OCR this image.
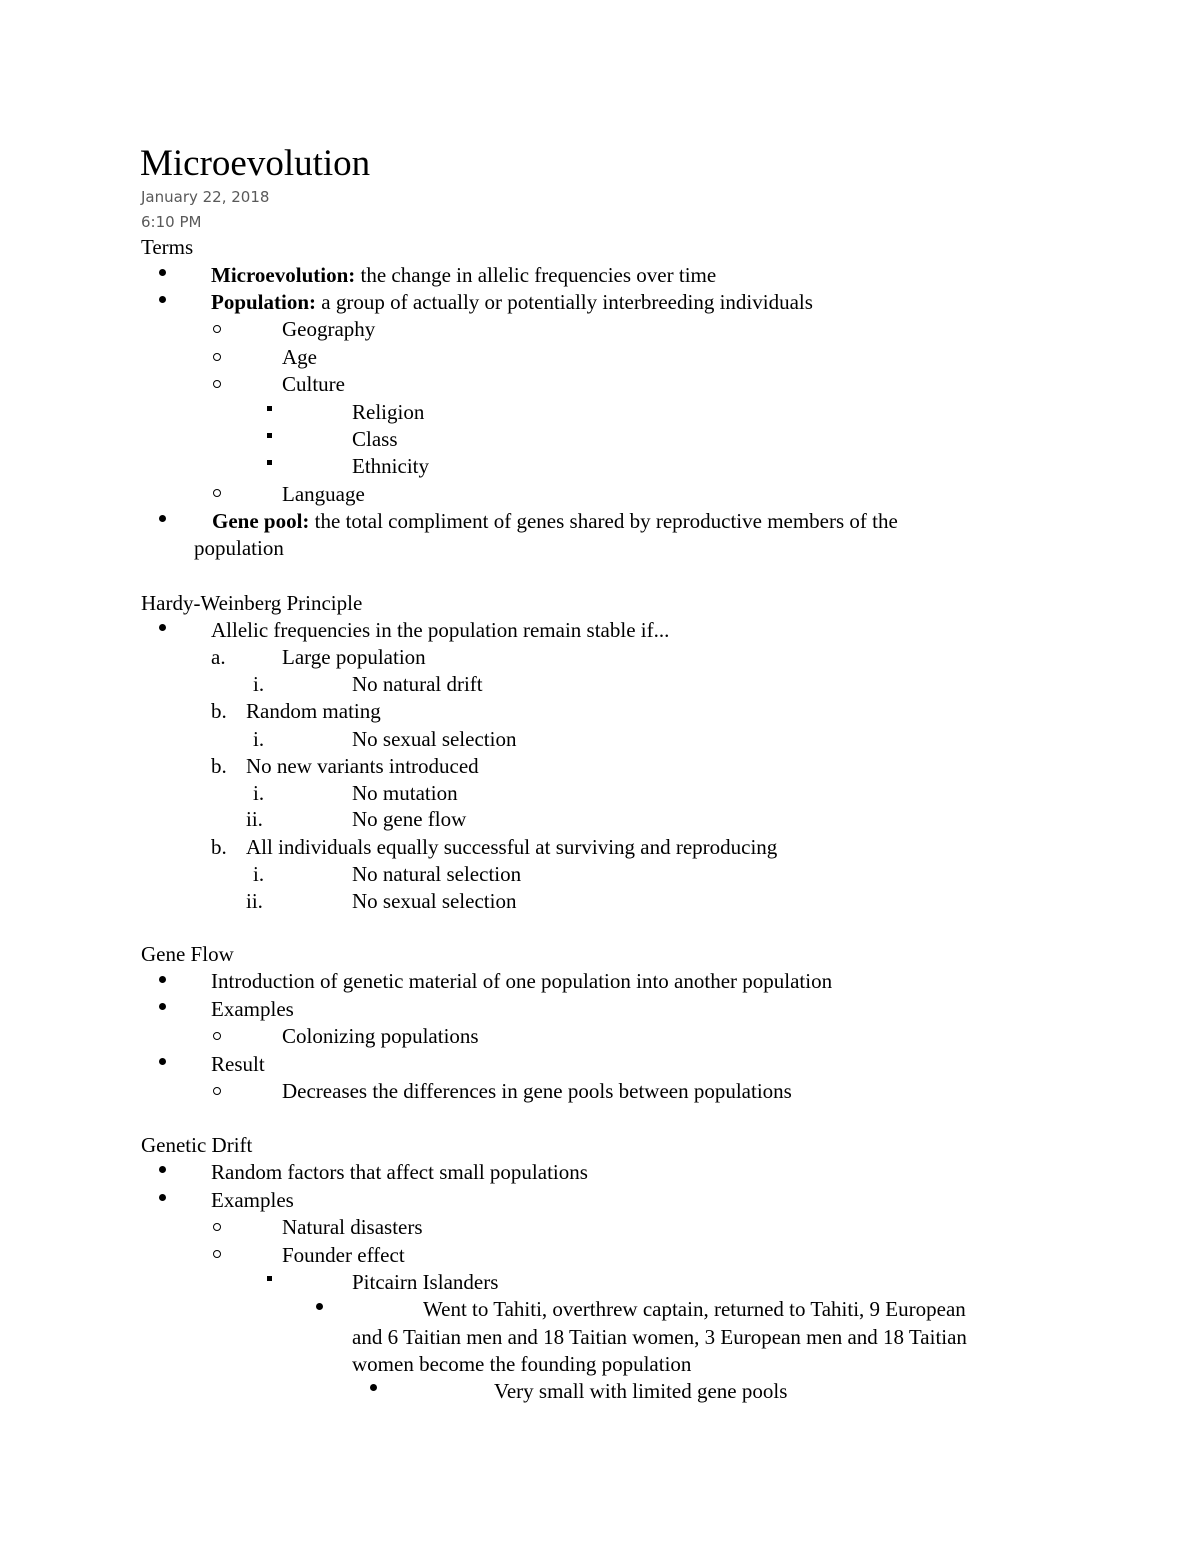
Microevolution
January 22, 2018
6:10 PM
Terms
Microevolution: the change in allelic frequencies over time
Population: a group of actually or potentially interbreeding individuals
Geography
Age
Culture
Religion
Class
Ethnicity
Language
Gene pool: the total compliment of genes shared by reproductive members of the
population
Hardy-Weinberg Principle
Allelic frequencies in the population remain stable if...
a.	Large population
i.	No natural drift
b. Random mating
i.	No sexual selection
b. No new variants introduced
i.	No mutation
ii.	No gene flow
b. All individuals equally successful at surviving and reproducing
i.	No natural selection
ii.	No sexual selection
Gene Flow
Introduction of genetic material of one population into another population
Examples
Colonizing populations
Result
Decreases the differences in gene pools between populations
Genetic Drift
Random factors that affect small populations
Examples
Natural disasters
Founder effect
Pitcairn Islanders
Went to Tahiti, overthrew captain, returned to Tahiti, 9 European
and 6 Taitian men and 18 Taitian women, 3 European men and 18 Taitian
women become the founding population
Very small with limited gene pools
